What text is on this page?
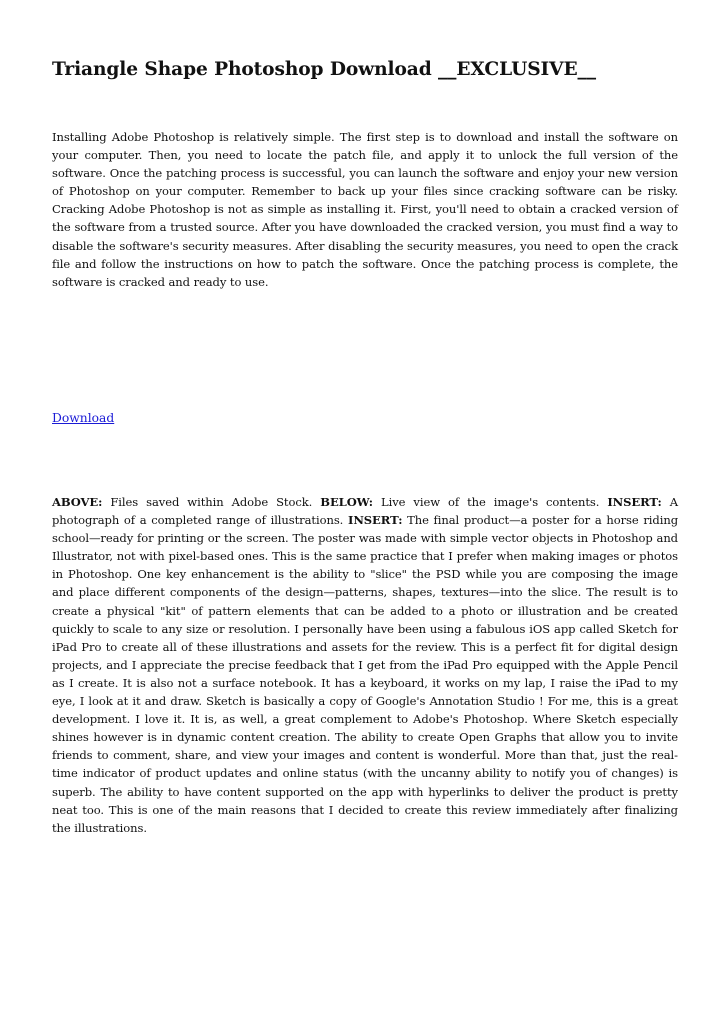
Triangle Shape Photoshop Download __EXCLUSIVE__

Installing Adobe Photoshop is relatively simple. The first step is to download and install the software on your computer. Then, you need to locate the patch file, and apply it to unlock the full version of the software. Once the patching process is successful, you can launch the software and enjoy your new version of Photoshop on your computer. Remember to back up your files since cracking software can be risky. Cracking Adobe Photoshop is not as simple as installing it. First, you'll need to obtain a cracked version of the software from a trusted source. After you have downloaded the cracked version, you must find a way to disable the software's security measures. After disabling the security measures, you need to open the crack file and follow the instructions on how to patch the software. Once the patching process is complete, the software is cracked and ready to use.

Download

ABOVE: Files saved within Adobe Stock. BELOW: Live view of the image's contents. INSERT: A photograph of a completed range of illustrations. INSERT: The final product—a poster for a horse riding school—ready for printing or the screen. The poster was made with simple vector objects in Photoshop and Illustrator, not with pixel-based ones. This is the same practice that I prefer when making images or photos in Photoshop. One key enhancement is the ability to "slice" the PSD while you are composing the image and place different components of the design—patterns, shapes, textures—into the slice. The result is to create a physical "kit" of pattern elements that can be added to a photo or illustration and be created quickly to scale to any size or resolution. I personally have been using a fabulous iOS app called Sketch for iPad Pro to create all of these illustrations and assets for the review. This is a perfect fit for digital design projects, and I appreciate the precise feedback that I get from the iPad Pro equipped with the Apple Pencil as I create. It is also not a surface notebook. It has a keyboard, it works on my lap, I raise the iPad to my eye, I look at it and draw. Sketch is basically a copy of Google's Annotation Studio ! For me, this is a great development. I love it. It is, as well, a great complement to Adobe's Photoshop. Where Sketch especially shines however is in dynamic content creation. The ability to create Open Graphs that allow you to invite friends to comment, share, and view your images and content is wonderful. More than that, just the real-time indicator of product updates and online status (with the uncanny ability to notify you of changes) is superb. The ability to have content supported on the app with hyperlinks to deliver the product is pretty neat too. This is one of the main reasons that I decided to create this review immediately after finalizing the illustrations.
